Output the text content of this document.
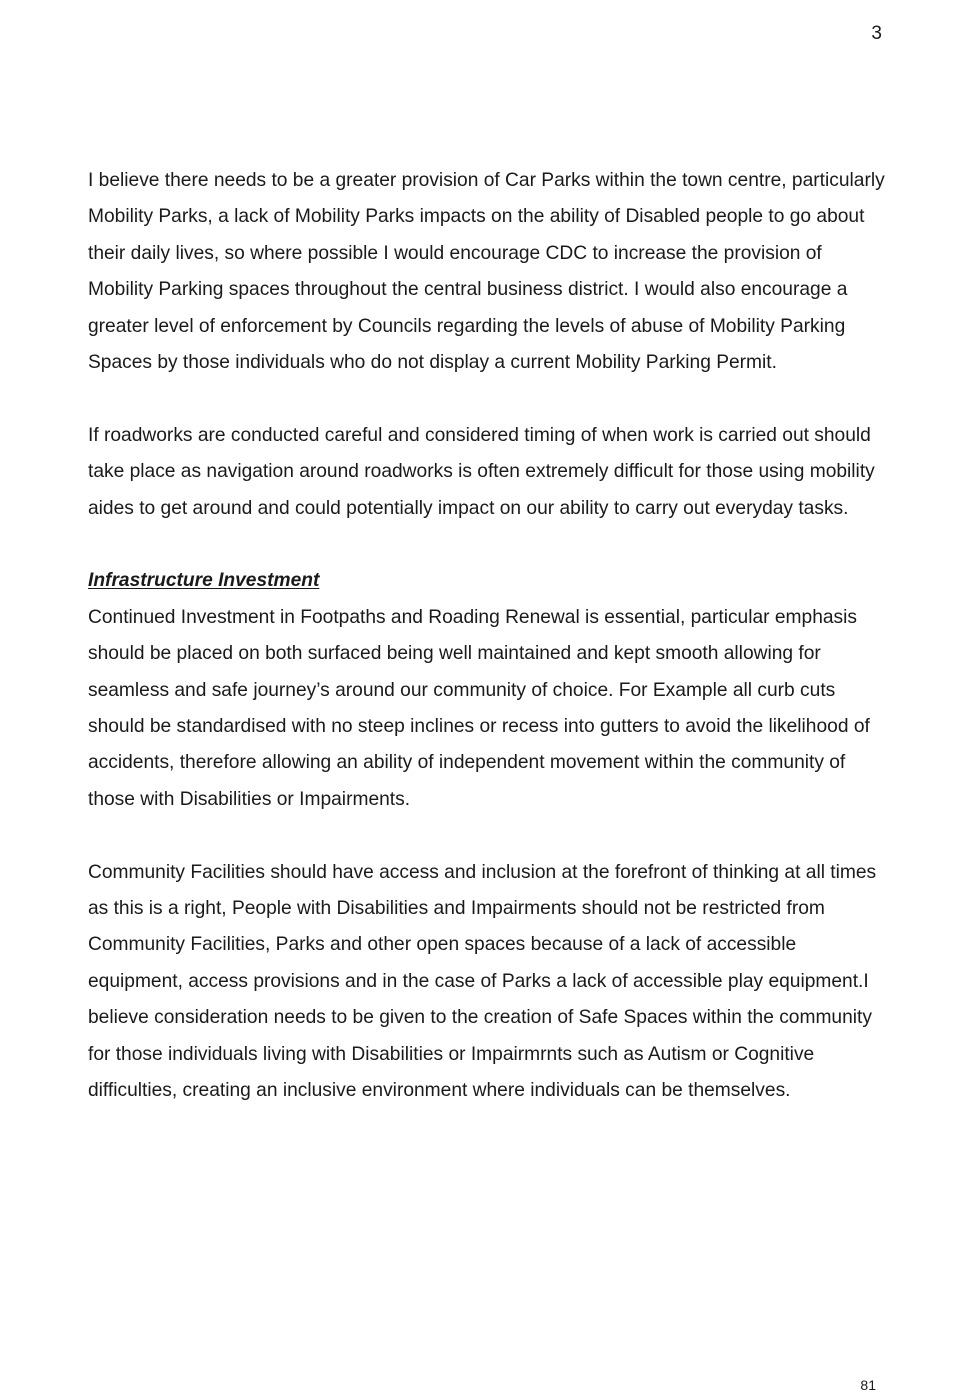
3

I believe there needs to be a greater provision of Car Parks within the town centre, particularly Mobility Parks, a lack of Mobility Parks impacts on the ability of Disabled people to go about their daily lives, so where possible I would encourage CDC to increase the provision of Mobility Parking spaces throughout the central business district. I would also encourage a greater level of enforcement by Councils regarding the levels of abuse of Mobility Parking Spaces by those individuals who do not display a current Mobility Parking Permit.

If roadworks are conducted careful and considered timing of when work is carried out should take place as navigation around roadworks is often extremely difficult for those using mobility aides to get around and could potentially impact on our ability to carry out everyday tasks.

Infrastructure Investment

Continued Investment in Footpaths and Roading Renewal is essential, particular emphasis should be placed on both surfaced being well maintained and kept smooth allowing for seamless and safe journey’s around our community of choice. For Example all curb cuts should be standardised with no steep inclines or recess into gutters to avoid the likelihood of accidents, therefore allowing an ability of independent movement within the community of those with Disabilities or Impairments.

Community Facilities should have access and inclusion at the forefront of thinking at all times as this is a right, People with Disabilities and Impairments should not be restricted from Community Facilities, Parks and other open spaces because of a lack of accessible equipment, access provisions and in the case of Parks a lack of accessible play equipment.I believe consideration needs to be given to the creation of Safe Spaces within the community for those individuals living with Disabilities or Impairmrnts such as Autism or Cognitive difficulties, creating an inclusive environment where individuals can be themselves.

81
